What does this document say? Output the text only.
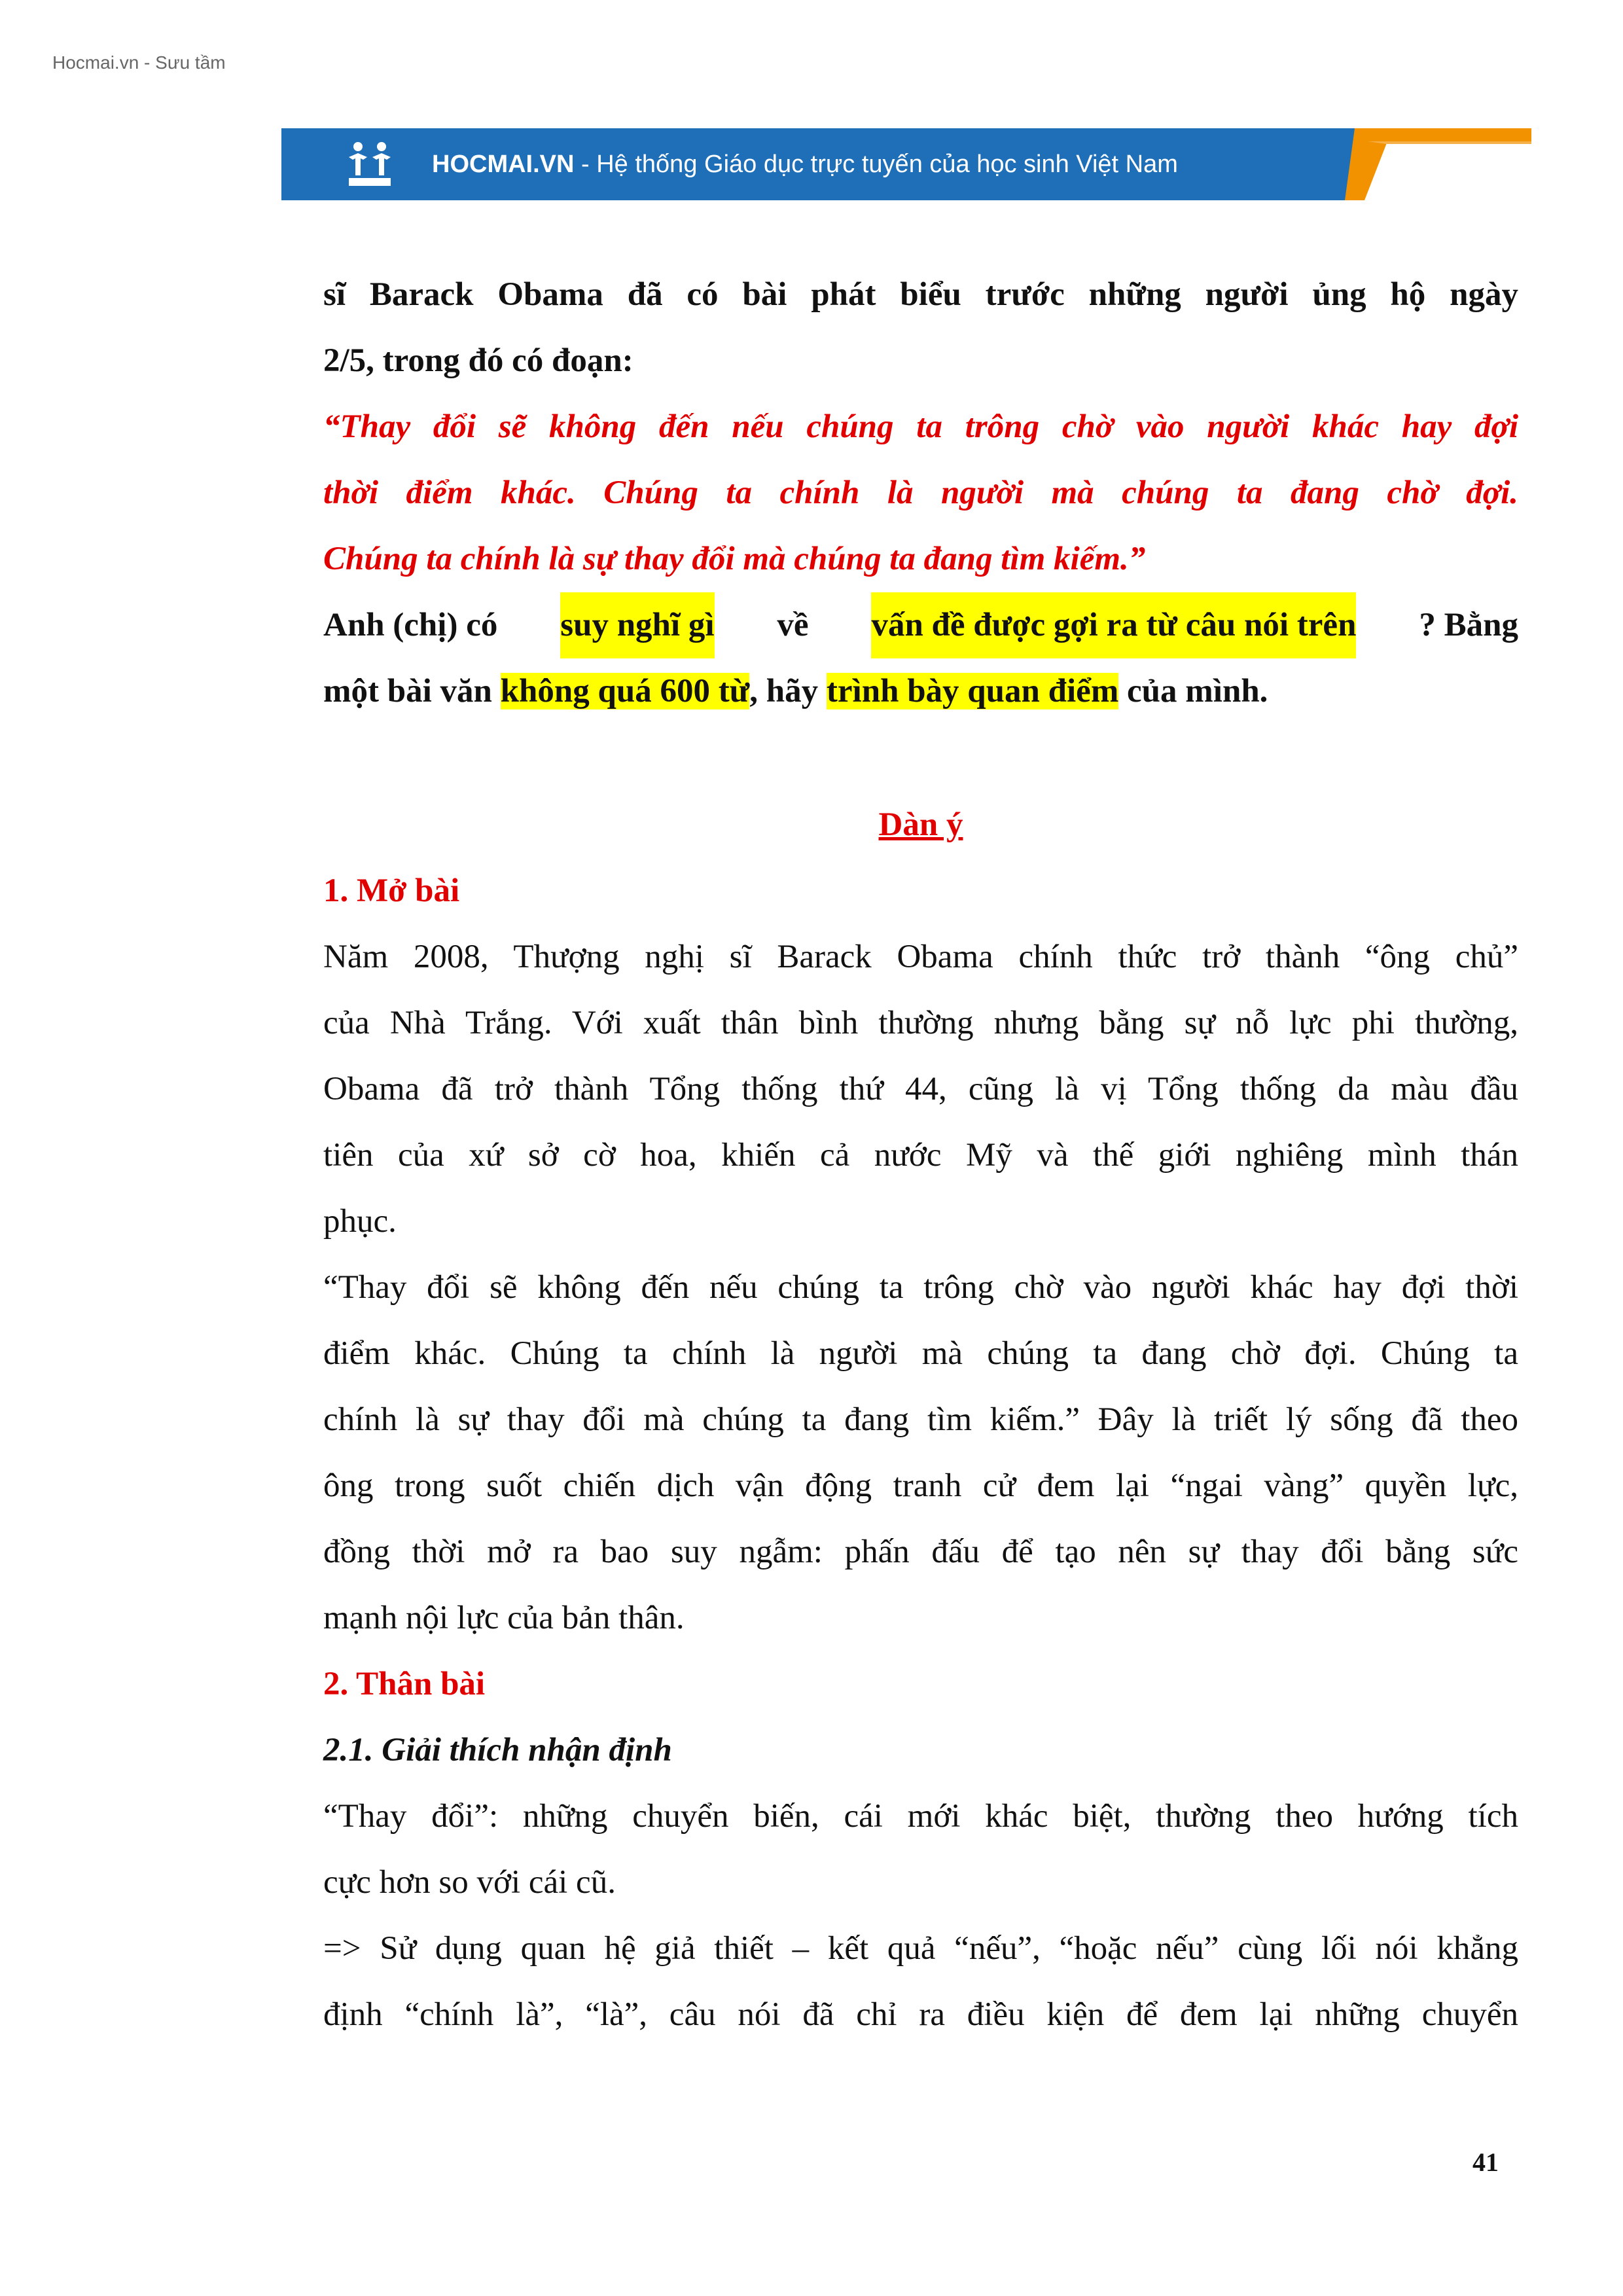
Hocmai.vn - Sưu tầm
HOCMAI.VN - Hệ thống Giáo dục trực tuyến của học sinh Việt Nam
sĩ Barack Obama đã có bài phát biểu trước những người ủng hộ ngày
2/5, trong đó có đoạn:
“Thay đổi sẽ không đến nếu chúng ta trông chờ vào người khác hay đợi
thời điểm khác. Chúng ta chính là người mà chúng ta đang chờ đợi.
Chúng ta chính là sự thay đổi mà chúng ta đang tìm kiếm.”
Anh (chị) có suy nghĩ gì về vấn đề được gợi ra từ câu nói trên ? Bằng
một bài văn không quá 600 từ, hãy trình bày quan điểm của mình.
Dàn ý
1. Mở bài
Năm 2008, Thượng nghị sĩ Barack Obama chính thức trở thành “ông chủ”
của Nhà Trắng. Với xuất thân bình thường nhưng bằng sự nỗ lực phi thường,
Obama đã trở thành Tổng thống thứ 44, cũng là vị Tổng thống da màu đầu
tiên của xứ sở cờ hoa, khiến cả nước Mỹ và thế giới nghiêng mình thán
phục.
“Thay đổi sẽ không đến nếu chúng ta trông chờ vào người khác hay đợi thời
điểm khác. Chúng ta chính là người mà chúng ta đang chờ đợi. Chúng ta
chính là sự thay đổi mà chúng ta đang tìm kiếm.” Đây là triết lý sống đã theo
ông trong suốt chiến dịch vận động tranh cử đem lại “ngai vàng” quyền lực,
đồng thời mở ra bao suy ngẫm: phấn đấu để tạo nên sự thay đổi bằng sức
mạnh nội lực của bản thân.
2. Thân bài
2.1. Giải thích nhận định
“Thay đổi”: những chuyển biến, cái mới khác biệt, thường theo hướng tích
cực hơn so với cái cũ.
=> Sử dụng quan hệ giả thiết – kết quả “nếu”, “hoặc nếu” cùng lối nói khẳng
định “chính là”, “là”, câu nói đã chỉ ra điều kiện để đem lại những chuyển
41
